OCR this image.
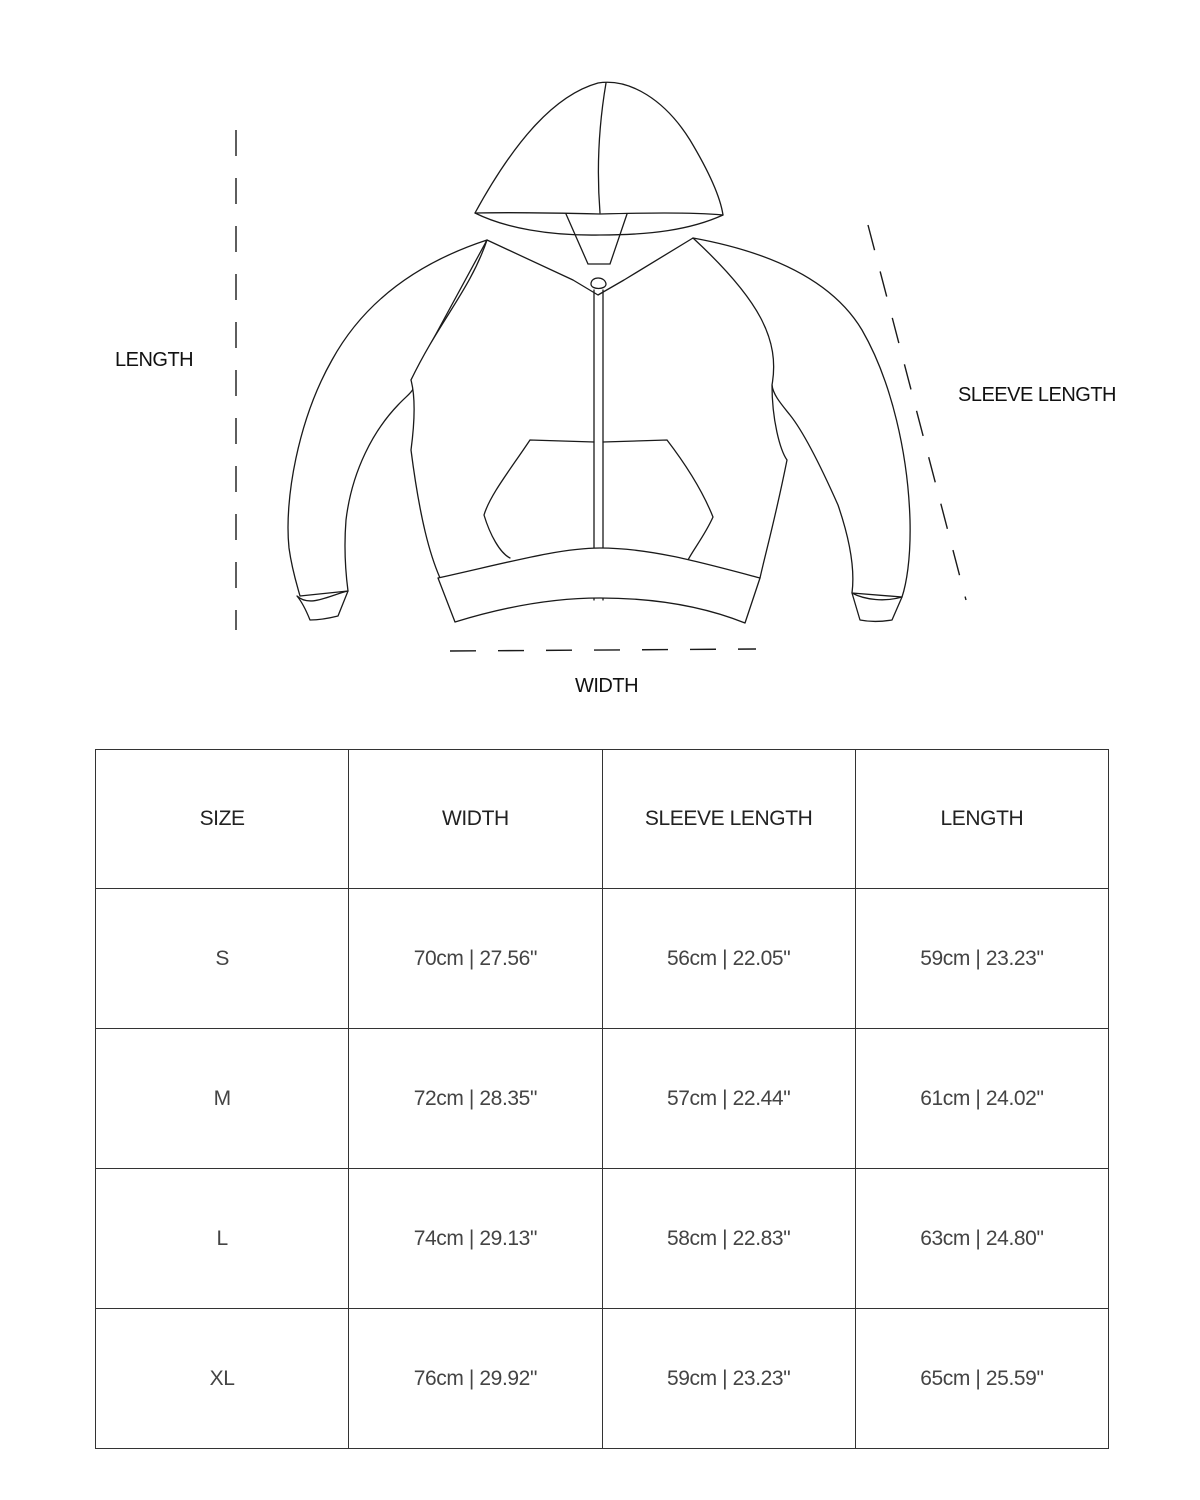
LENGTH
SLEEVE LENGTH
WIDTH
SIZE	WIDTH	SLEEVE LENGTH	LENGTH
S	70cm | 27.56"	56cm | 22.05"	59cm | 23.23"
M	72cm | 28.35"	57cm | 22.44"	61cm | 24.02"
L	74cm | 29.13"	58cm | 22.83"	63cm | 24.80"
XL	76cm | 29.92"	59cm | 23.23"	65cm | 25.59"
